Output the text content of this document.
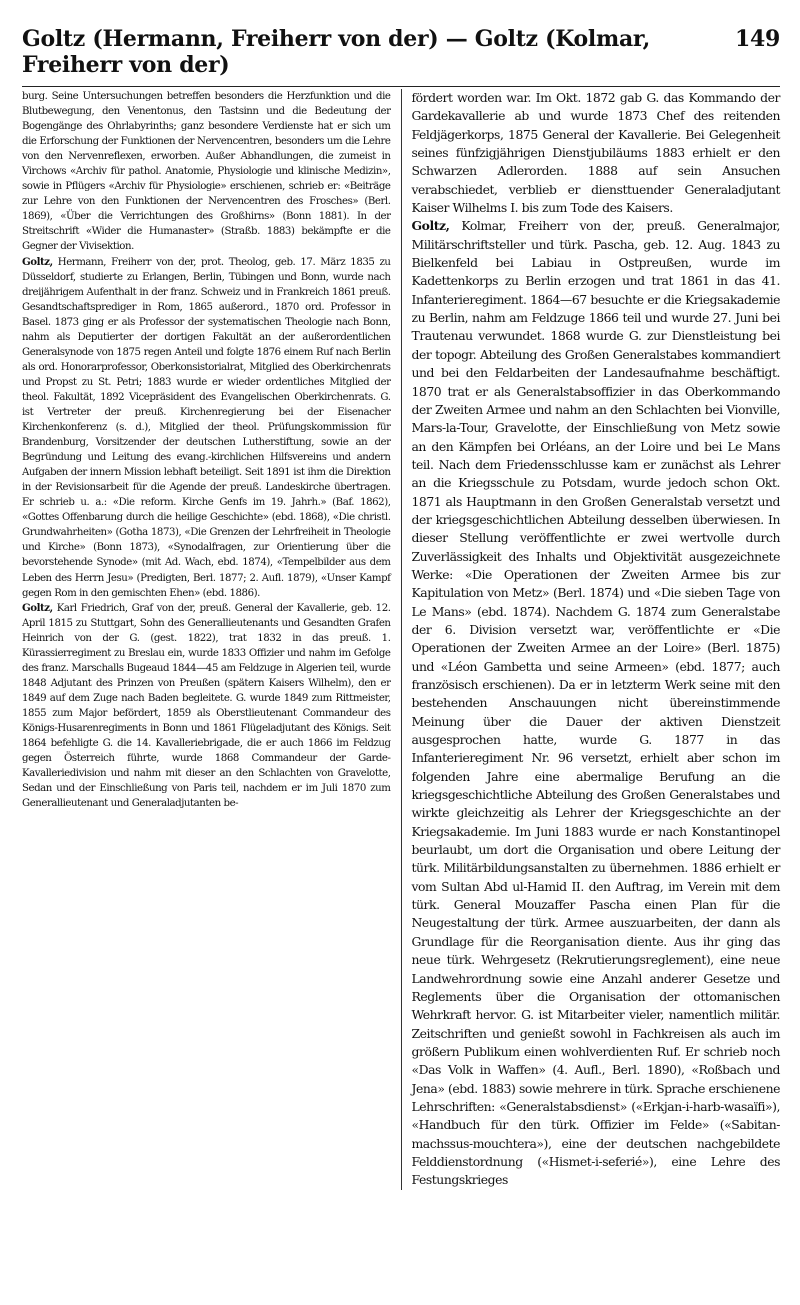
Goltz (Hermann, Freiherr von der) — Goltz (Kolmar, Freiherr von der)
149

burg. Seine Untersuchungen betreffen besonders die Herzfunktion und die Blutbewegung, den Venentonus, den Tastsinn und die Bedeutung der Bogengänge des Ohrlabyrinths; ganz besondere Verdienste hat er sich um die Erforschung der Funktionen der Nervencentren, besonders um die Lehre von den Nervenreflexen, erworben. Außer Abhandlungen, die zumeist in Virchows «Archiv für pathol. Anatomie, Physiologie und klinische Medizin», sowie in Pflügers «Archiv für Physiologie» erschienen, schrieb er: «Beiträge zur Lehre von den Funktionen der Nervencentren des Frosches» (Berl. 1869), «Über die Verrichtungen des Großhirns» (Bonn 1881). In der Streitschrift «Wider die Humanaster» (Straßb. 1883) bekämpfte er die Gegner der Vivisektion.

Goltz, Hermann, Freiherr von der, prot. Theolog, geb. 17. März 1835 zu Düsseldorf, studierte zu Erlangen, Berlin, Tübingen und Bonn, wurde nach dreijährigem Aufenthalt in der franz. Schweiz und in Frankreich 1861 preuß. Gesandtschaftsprediger in Rom, 1865 außerord., 1870 ord. Professor in Basel. 1873 ging er als Professor der systematischen Theologie nach Bonn, nahm als Deputierter der dortigen Fakultät an der außerordentlichen Generalsynode von 1875 regen Anteil und folgte 1876 einem Ruf nach Berlin als ord. Honorarprofessor, Oberkonsistorialrat, Mitglied des Oberkirchenrats und Propst zu St. Petri; 1883 wurde er wieder ordentliches Mitglied der theol. Fakultät, 1892 Vicepräsident des Evangelischen Oberkirchenrats. G. ist Vertreter der preuß. Kirchenregierung bei der Eisenacher Kirchenkonferenz (s. d.), Mitglied der theol. Prüfungskommission für Brandenburg, Vorsitzender der deutschen Lutherstiftung, sowie an der Begründung und Leitung des evang.-kirchlichen Hilfsvereins und andern Aufgaben der innern Mission lebhaft beteiligt. Seit 1891 ist ihm die Direktion in der Revisionsarbeit für die Agende der preuß. Landeskirche übertragen. Er schrieb u. a.: «Die reform. Kirche Genfs im 19. Jahrh.» (Baf. 1862), «Gottes Offenbarung durch die heilige Geschichte» (ebd. 1868), «Die christl. Grundwahrheiten» (Gotha 1873), «Die Grenzen der Lehrfreiheit in Theologie und Kirche» (Bonn 1873), «Synodalfragen, zur Orientierung über die bevorstehende Synode» (mit Ad. Wach, ebd. 1874), «Tempelbilder aus dem Leben des Herrn Jesu» (Predigten, Berl. 1877; 2. Aufl. 1879), «Unser Kampf gegen Rom in den gemischten Ehen» (ebd. 1886).

Goltz, Karl Friedrich, Graf von der, preuß. General der Kavallerie, geb. 12. April 1815 zu Stuttgart, Sohn des Generallieutenants und Gesandten Grafen Heinrich von der G. (gest. 1822), trat 1832 in das preuß. 1. Kürassierregiment zu Breslau ein, wurde 1833 Offizier und nahm im Gefolge des franz. Marschalls Bugeaud 1844—45 am Feldzuge in Algerien teil, wurde 1848 Adjutant des Prinzen von Preußen (spätern Kaisers Wilhelm), den er 1849 auf dem Zuge nach Baden begleitete. G. wurde 1849 zum Rittmeister, 1855 zum Major befördert, 1859 als Oberstlieutenant Commandeur des Königs-Husarenregiments in Bonn und 1861 Flügeladjutant des Königs. Seit 1864 befehligte G. die 14. Kavalleriebrigade, die er auch 1866 im Feldzug gegen Österreich führte, wurde 1868 Commandeur der Garde-Kavalleriedivision und nahm mit dieser an den Schlachten von Gravelotte, Sedan und der Einschließung von Paris teil, nachdem er im Juli 1870 zum Generallieutenant und Generaladjutanten be-

fördert worden war. Im Okt. 1872 gab G. das Kommando der Gardekavallerie ab und wurde 1873 Chef des reitenden Feldjägerkorps, 1875 General der Kavallerie. Bei Gelegenheit seines fünfzigjährigen Dienstjubiläums 1883 erhielt er den Schwarzen Adlerorden. 1888 auf sein Ansuchen verabschiedet, verblieb er diensttuender Generaladjutant Kaiser Wilhelms I. bis zum Tode des Kaisers.

Goltz, Kolmar, Freiherr von der, preuß. Generalmajor, Militärschriftsteller und türk. Pascha, geb. 12. Aug. 1843 zu Bielkenfeld bei Labiau in Ostpreußen, wurde im Kadettenkorps zu Berlin erzogen und trat 1861 in das 41. Infanterieregiment. 1864—67 besuchte er die Kriegsakademie zu Berlin, nahm am Feldzuge 1866 teil und wurde 27. Juni bei Trautenau verwundet. 1868 wurde G. zur Dienstleistung bei der topogr. Abteilung des Großen Generalstabes kommandiert und bei den Feldarbeiten der Landesaufnahme beschäftigt. 1870 trat er als Generalstabsoffizier in das Oberkommando der Zweiten Armee und nahm an den Schlachten bei Vionville, Mars-la-Tour, Gravelotte, der Einschließung von Metz sowie an den Kämpfen bei Orléans, an der Loire und bei Le Mans teil. Nach dem Friedensschlusse kam er zunächst als Lehrer an die Kriegsschule zu Potsdam, wurde jedoch schon Okt. 1871 als Hauptmann in den Großen Generalstab versetzt und der kriegsgeschichtlichen Abteilung desselben überwiesen. In dieser Stellung veröffentlichte er zwei wertvolle durch Zuverlässigkeit des Inhalts und Objektivität ausgezeichnete Werke: «Die Operationen der Zweiten Armee bis zur Kapitulation von Metz» (Berl. 1874) und «Die sieben Tage von Le Mans» (ebd. 1874). Nachdem G. 1874 zum Generalstabe der 6. Division versetzt war, veröffentlichte er «Die Operationen der Zweiten Armee an der Loire» (Berl. 1875) und «Léon Gambetta und seine Armeen» (ebd. 1877; auch französisch erschienen). Da er in letzterm Werk seine mit den bestehenden Anschauungen nicht übereinstimmende Meinung über die Dauer der aktiven Dienstzeit ausgesprochen hatte, wurde G. 1877 in das Infanterieregiment Nr. 96 versetzt, erhielt aber schon im folgenden Jahre eine abermalige Berufung an die kriegsgeschichtliche Abteilung des Großen Generalstabes und wirkte gleichzeitig als Lehrer der Kriegsgeschichte an der Kriegsakademie. Im Juni 1883 wurde er nach Konstantinopel beurlaubt, um dort die Organisation und obere Leitung der türk. Militärbildungsanstalten zu übernehmen. 1886 erhielt er vom Sultan Abd ul-Hamid II. den Auftrag, im Verein mit dem türk. General Mouzaffer Pascha einen Plan für die Neugestaltung der türk. Armee auszuarbeiten, der dann als Grundlage für die Reorganisation diente. Aus ihr ging das neue türk. Wehrgesetz (Rekrutierungsreglement), eine neue Landwehrordnung sowie eine Anzahl anderer Gesetze und Reglements über die Organisation der ottomanischen Wehrkraft hervor. G. ist Mitarbeiter vieler, namentlich militär. Zeitschriften und genießt sowohl in Fachkreisen als auch im größern Publikum einen wohlverdienten Ruf. Er schrieb noch «Das Volk in Waffen» (4. Aufl., Berl. 1890), «Roßbach und Jena» (ebd. 1883) sowie mehrere in türk. Sprache erschienene Lehrschriften: «Generalstabsdienst» («Erkjan-i-harb-wasaïfi»), «Handbuch für den türk. Offizier im Felde» («Sabitan-machssus-mouchtera»), eine der deutschen nachgebildete Felddienstordnung («Hismet-i-seferié»), eine Lehre des Festungskrieges
